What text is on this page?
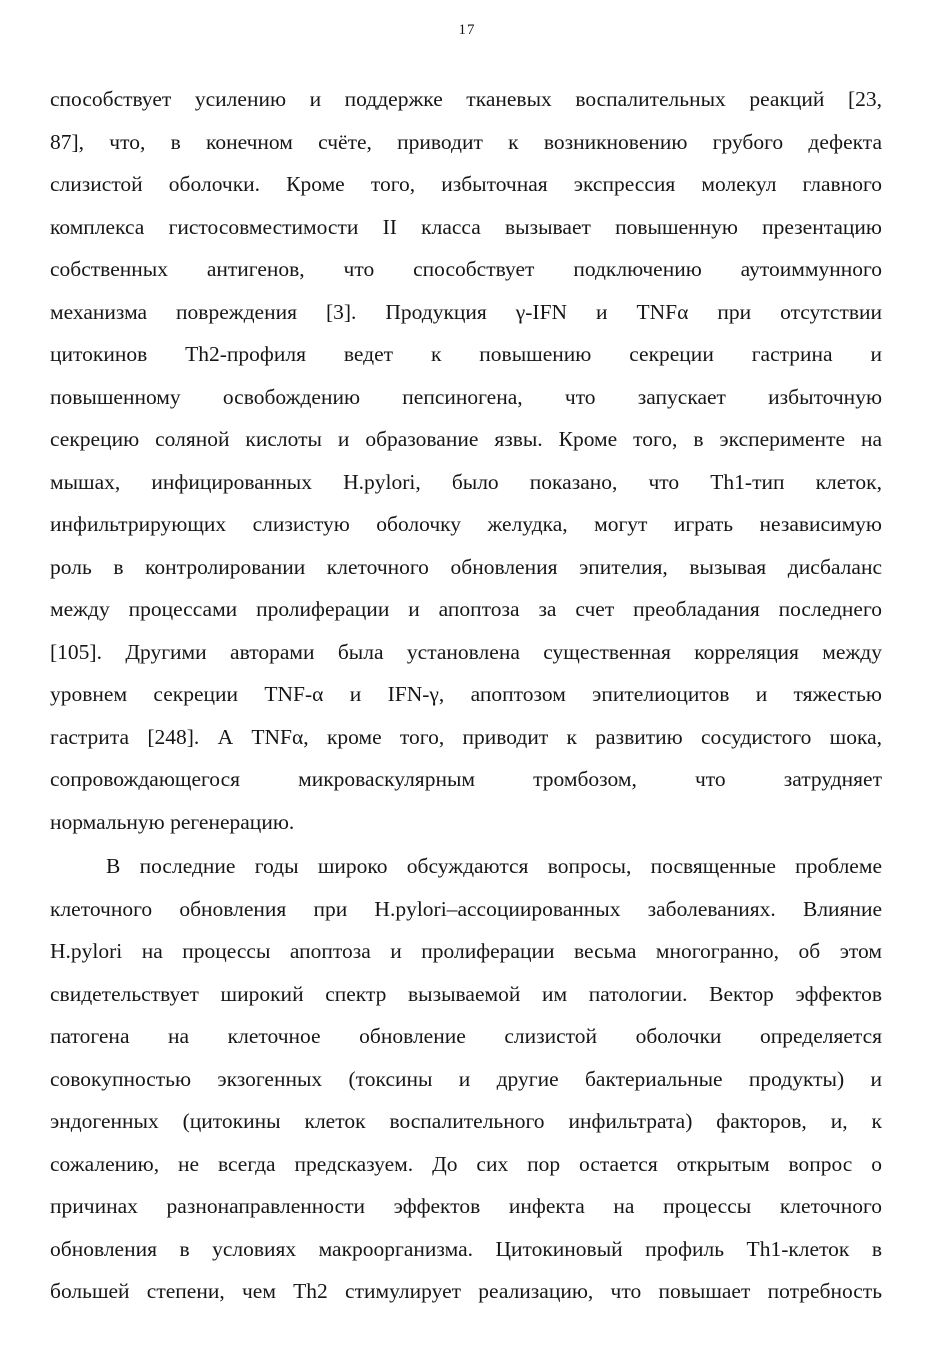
17
способствует усилению и поддержке тканевых воспалительных реакций [23,
87], что, в конечном счёте, приводит к возникновению грубого дефекта
слизистой оболочки. Кроме того, избыточная экспрессия молекул главного
комплекса гистосовместимости II класса вызывает повышенную презентацию
собственных антигенов, что способствует подключению аутоиммунного
механизма повреждения [3]. Продукция γ-IFN и TNFα при отсутствии
цитокинов Th2-профиля ведет к повышению секреции гастрина и
повышенному освобождению пепсиногена, что запускает избыточную
секрецию соляной кислоты и образование язвы. Кроме того, в эксперименте на
мышах, инфицированных H.pylori, было показано, что Th1-тип клеток,
инфильтрирующих слизистую оболочку желудка, могут играть независимую
роль в контролировании клеточного обновления эпителия, вызывая дисбаланс
между процессами пролиферации и апоптоза за счет преобладания последнего
[105]. Другими авторами была установлена существенная корреляция между
уровнем секреции TNF-α и IFN-γ, апоптозом эпителиоцитов и тяжестью
гастрита [248]. А TNFα, кроме того, приводит к развитию сосудистого шока,
сопровождающегося микроваскулярным тромбозом, что затрудняет
нормальную регенерацию.
В последние годы широко обсуждаются вопросы, посвященные проблеме
клеточного обновления при H.pylori–ассоциированных заболеваниях. Влияние
H.pylori на процессы апоптоза и пролиферации весьма многогранно, об этом
свидетельствует широкий спектр вызываемой им патологии. Вектор эффектов
патогена на клеточное обновление слизистой оболочки определяется
совокупностью экзогенных (токсины и другие бактериальные продукты) и
эндогенных (цитокины клеток воспалительного инфильтрата) факторов, и, к
сожалению, не всегда предсказуем. До сих пор остается открытым вопрос о
причинах разнонаправленности эффектов инфекта на процессы клеточного
обновления в условиях макроорганизма. Цитокиновый профиль Th1-клеток в
большей степени, чем Th2 стимулирует реализацию, что повышает потребность
